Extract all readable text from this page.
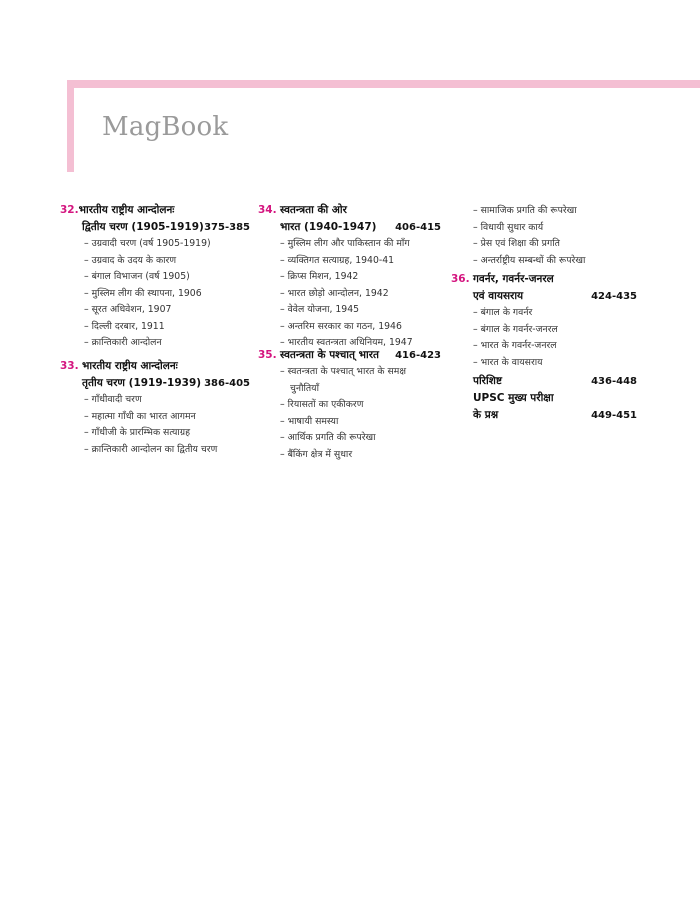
MagBook
32. भारतीय राष्ट्रीय आन्दोलनः
द्वितीय चरण (1905-1919) 375-385
– उग्रवादी चरण (वर्ष 1905-1919)
– उग्रवाद के उदय के कारण
– बंगाल विभाजन (वर्ष 1905)
– मुस्लिम लीग की स्थापना, 1906
– सूरत अधिवेशन, 1907
– दिल्ली दरबार, 1911
– क्रान्तिकारी आन्दोलन
33. भारतीय राष्ट्रीय आन्दोलनः
तृतीय चरण (1919-1939) 386-405
– गाँधीवादी चरण
– महात्मा गाँधी का भारत आगमन
– गाँधीजी के प्रारम्भिक सत्याग्रह
– क्रान्तिकारी आन्दोलन का द्वितीय चरण
34. स्वतन्त्रता की ओर
भारत (1940-1947) 406-415
– मुस्लिम लीग और पाकिस्तान की माँग
– व्यक्तिगत सत्याग्रह, 1940-41
– क्रिप्स मिशन, 1942
– भारत छोड़ो आन्दोलन, 1942
– वेवेल योजना, 1945
– अन्तरिम सरकार का गठन, 1946
– भारतीय स्वतन्त्रता अधिनियम, 1947
35. स्वतन्त्रता के पश्चात् भारत 416-423
– स्वतन्त्रता के पश्चात् भारत के समक्ष
चुनौतियाँ
– रियासतों का एकीकरण
– भाषायी समस्या
– आर्थिक प्रगति की रूपरेखा
– बैंकिंग क्षेत्र में सुधार
– सामाजिक प्रगति की रूपरेखा
– विधायी सुधार कार्य
– प्रेस एवं शिक्षा की प्रगति
– अन्तर्राष्ट्रीय सम्बन्धों की रूपरेखा
36. गवर्नर, गवर्नर-जनरल
एवं वायसराय	424-435
– बंगाल के गवर्नर
– बंगाल के गवर्नर-जनरल
– भारत के गवर्नर-जनरल
– भारत के वायसराय
परिशिष्ट	436-448
UPSC मुख्य परीक्षा
के प्रश्न	449-451
